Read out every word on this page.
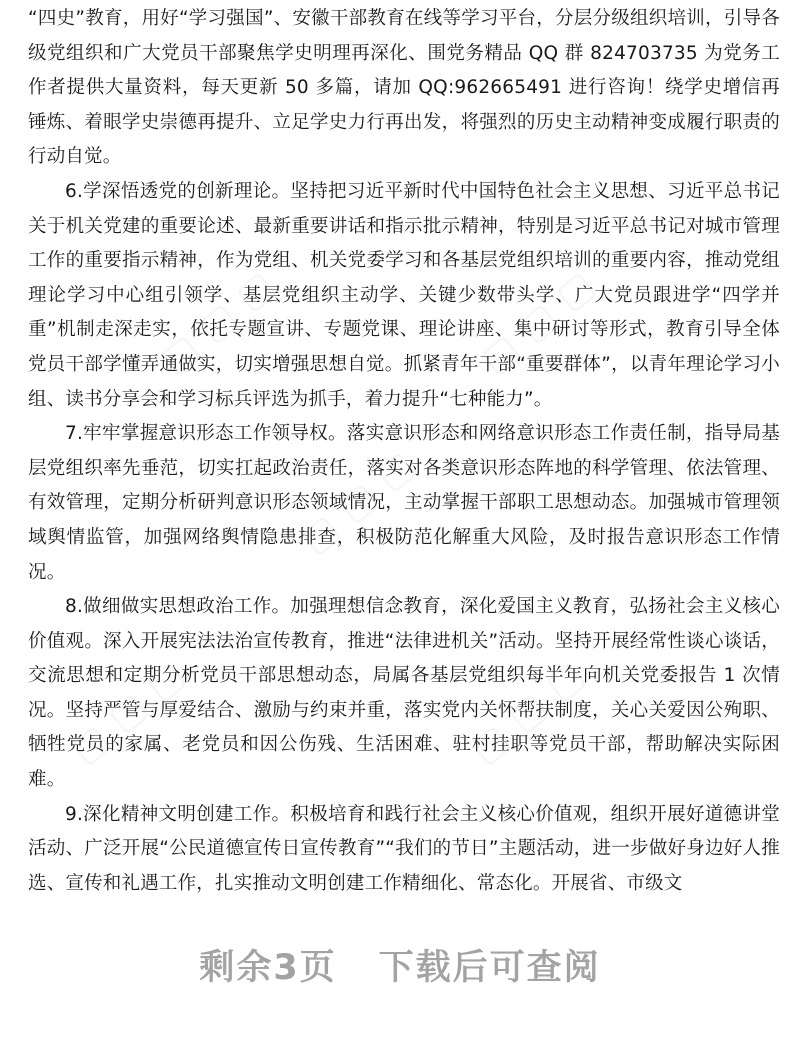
“四史”教育，用好“学习强国”、安徽干部教育在线等学习平台，分层分级组织培训，引导各级党组织和广大党员干部聚焦学史明理再深化、围党务精品 QQ 群 824703735 为党务工作者提供大量资料，每天更新 50 多篇，请加 QQ:962665491 进行咨询！绕学史增信再锤炼、着眼学史崇德再提升、立足学史力行再出发，将强烈的历史主动精神变成履行职责的行动自觉。

6.学深悟透党的创新理论。坚持把习近平新时代中国特色社会主义思想、习近平总书记关于机关党建的重要论述、最新重要讲话和指示批示精神，特别是习近平总书记对城市管理工作的重要指示精神，作为党组、机关党委学习和各基层党组织培训的重要内容，推动党组理论学习中心组引领学、基层党组织主动学、关键少数带头学、广大党员跟进学“四学并重”机制走深走实，依托专题宣讲、专题党课、理论讲座、集中研讨等形式，教育引导全体党员干部学懂弄通做实，切实增强思想自觉。抓紧青年干部“重要群体”，以青年理论学习小组、读书分享会和学习标兵评选为抓手，着力提升“七种能力”。

7.牢牢掌握意识形态工作领导权。落实意识形态和网络意识形态工作责任制，指导局基层党组织率先垂范，切实扛起政治责任，落实对各类意识形态阵地的科学管理、依法管理、有效管理，定期分析研判意识形态领域情况，主动掌握干部职工思想动态。加强城市管理领域舆情监管，加强网络舆情隐患排查，积极防范化解重大风险，及时报告意识形态工作情况。

8.做细做实思想政治工作。加强理想信念教育，深化爱国主义教育，弘扬社会主义核心价值观。深入开展宪法法治宣传教育，推进“法律进机关”活动。坚持开展经常性谈心谈话，交流思想和定期分析党员干部思想动态，局属各基层党组织每半年向机关党委报告 1 次情况。坚持严管与厚爱结合、激励与约束并重，落实党内关怀帮扶制度，关心关爱因公殉职、牺牲党员的家属、老党员和因公伤残、生活困难、驻村挂职等党员干部，帮助解决实际困难。

9.深化精神文明创建工作。积极培育和践行社会主义核心价值观，组织开展好道德讲堂活动、广泛开展“公民道德宣传日宣传教育”“我们的节日”主题活动，进一步做好身边好人推选、宣传和礼遇工作，扎实推动文明创建工作精细化、常态化。开展省、市级文

▢ ▢ ▢	▢ ▢ ▢
▢ ▢ ▢
▢ ▢ ▢	▢ ▢ ▢
剩余3页 下载后可查阅
